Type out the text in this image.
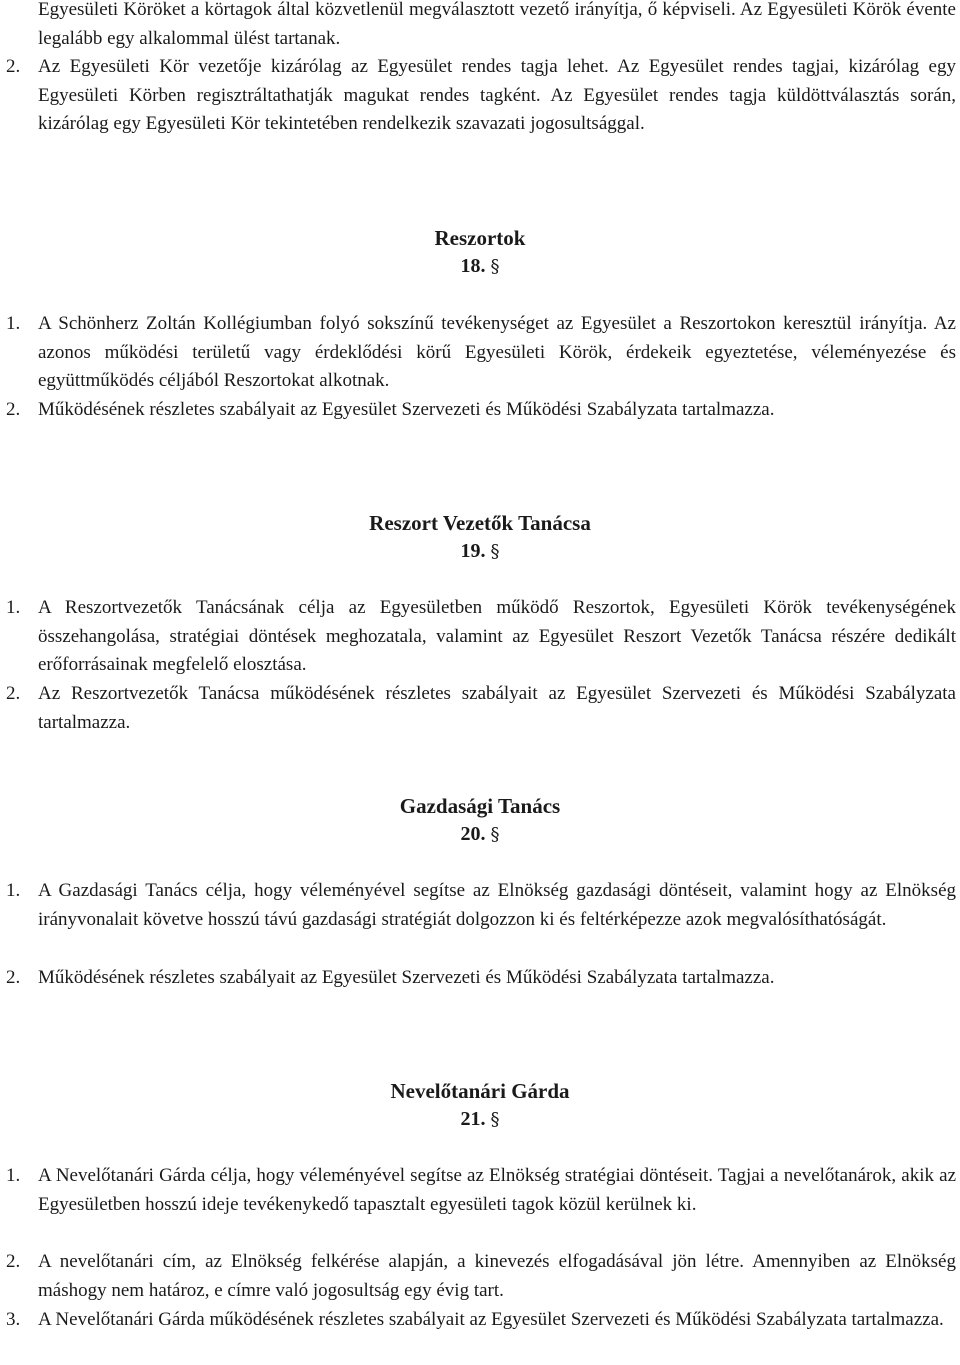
Egyesületi Köröket a körtagok által közvetlenül megválasztott vezető irányítja, ő képviseli. Az Egyesületi Körök évente legalább egy alkalommal ülést tartanak.

2. Az Egyesületi Kör vezetője kizárólag az Egyesület rendes tagja lehet. Az Egyesület rendes tagjai, kizárólag egy Egyesületi Körben regisztráltathatják magukat rendes tagként. Az Egyesület rendes tagja küldöttválasztás során, kizárólag egy Egyesületi Kör tekintetében rendelkezik szavazati jogosultsággal.
Reszortok
18. §
1. A Schönherz Zoltán Kollégiumban folyó sokszínű tevékenységet az Egyesület a Reszortokon keresztül irányítja. Az azonos működési területű vagy érdeklődési körű Egyesületi Körök, érdekeik egyeztetése, véleményezése és együttműködés céljából Reszortokat alkotnak.
2. Működésének részletes szabályait az Egyesület Szervezeti és Működési Szabályzata tartalmazza.
Reszort Vezetők Tanácsa
19. §
1. A Reszortvezetők Tanácsának célja az Egyesületben működő Reszortok, Egyesületi Körök tevékenységének összehangolása, stratégiai döntések meghozatala, valamint az Egyesület Reszort Vezetők Tanácsa részére dedikált erőforrásainak megfelelő elosztása.
2. Az Reszortvezetők Tanácsa működésének részletes szabályait az Egyesület Szervezeti és Működési Szabályzata tartalmazza.
Gazdasági Tanács
20. §
1. A Gazdasági Tanács célja, hogy véleményével segítse az Elnökség gazdasági döntéseit, valamint hogy az Elnökség irányvonalait követve hosszú távú gazdasági stratégiát dolgozzon ki és feltérképezze azok megvalósíthatóságát.
2. Működésének részletes szabályait az Egyesület Szervezeti és Működési Szabályzata tartalmazza.
Nevelőtanári Gárda
21. §
1. A Nevelőtanári Gárda célja, hogy véleményével segítse az Elnökség stratégiai döntéseit. Tagjai a nevelőtanárok, akik az Egyesületben hosszú ideje tevékenykedő tapasztalt egyesületi tagok közül kerülnek ki.
2. A nevelőtanári cím, az Elnökség felkérése alapján, a kinevezés elfogadásával jön létre. Amennyiben az Elnökség máshogy nem határoz, e címre való jogosultság egy évig tart.
3. A Nevelőtanári Gárda működésének részletes szabályait az Egyesület Szervezeti és Működési Szabályzata tartalmazza.
